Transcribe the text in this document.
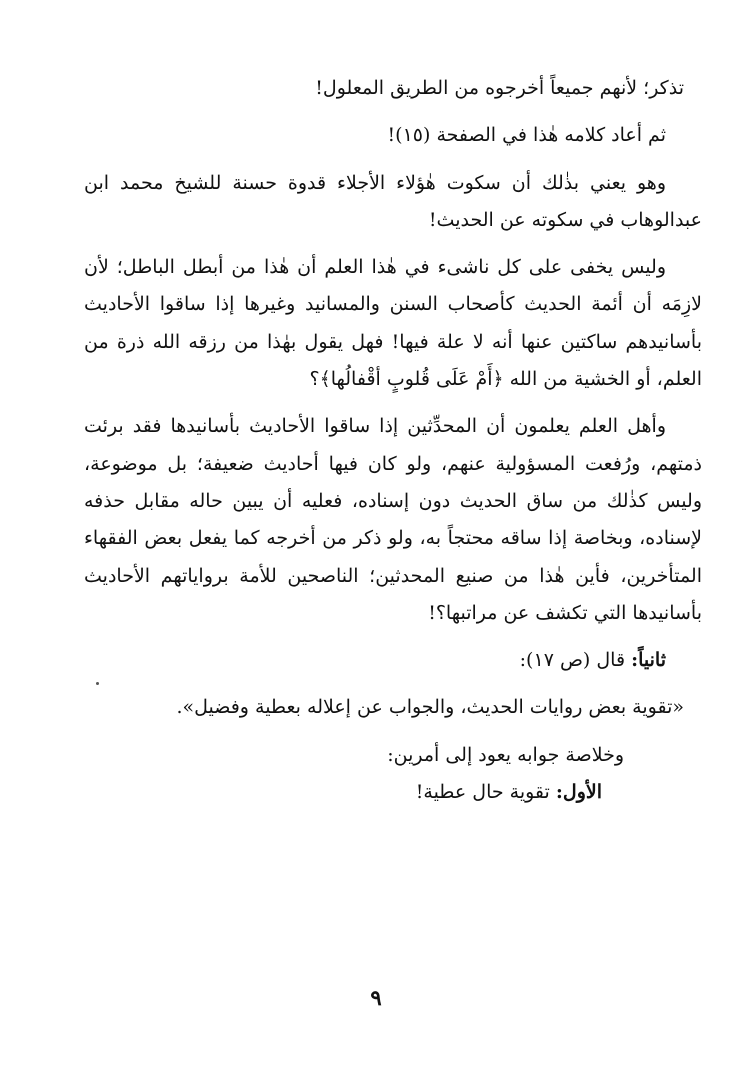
تذكر؛ لأنهم جميعاً أخرجوه من الطريق المعلول!

ثم أعاد كلامه هٰذا في الصفحة (١٥)!

وهو يعني بذٰلك أن سكوت هٰؤلاء الأجلاء قدوة حسنة للشيخ محمد ابن عبدالوهاب في سكوته عن الحديث!

وليس يخفى على كل ناشىء في هٰذا العلم أن هٰذا من أبطل الباطل؛ لأن لازِمَه أن أئمة الحديث كأصحاب السنن والمسانيد وغيرها إذا ساقوا الأحاديث بأسانيدهم ساكتين عنها أنه لا علة فيها! فهل يقول بهٰذا من رزقه الله ذرة من العلم، أو الخشية من الله ﴿أَمْ عَلَى قُلوبٍ أقْفالُها﴾؟

وأهل العلم يعلمون أن المحدِّثين إذا ساقوا الأحاديث بأسانيدها فقد برئت ذمتهم، ورُفعت المسؤولية عنهم، ولو كان فيها أحاديث ضعيفة؛ بل موضوعة، وليس كذٰلك من ساق الحديث دون إسناده، فعليه أن يبين حاله مقابل حذفه لإسناده، وبخاصة إذا ساقه محتجاً به، ولو ذكر من أخرجه كما يفعل بعض الفقهاء المتأخرين، فأين هٰذا من صنيع المحدثين؛ الناصحين للأمة برواياتهم الأحاديث بأسانيدها التي تكشف عن مراتبها؟!

ثانياً: قال (ص ١٧):

«تقوية بعض روايات الحديث، والجواب عن إعلاله بعطية وفضيل».

وخلاصة جوابه يعود إلى أمرين:

الأول: تقوية حال عطية!

٩
